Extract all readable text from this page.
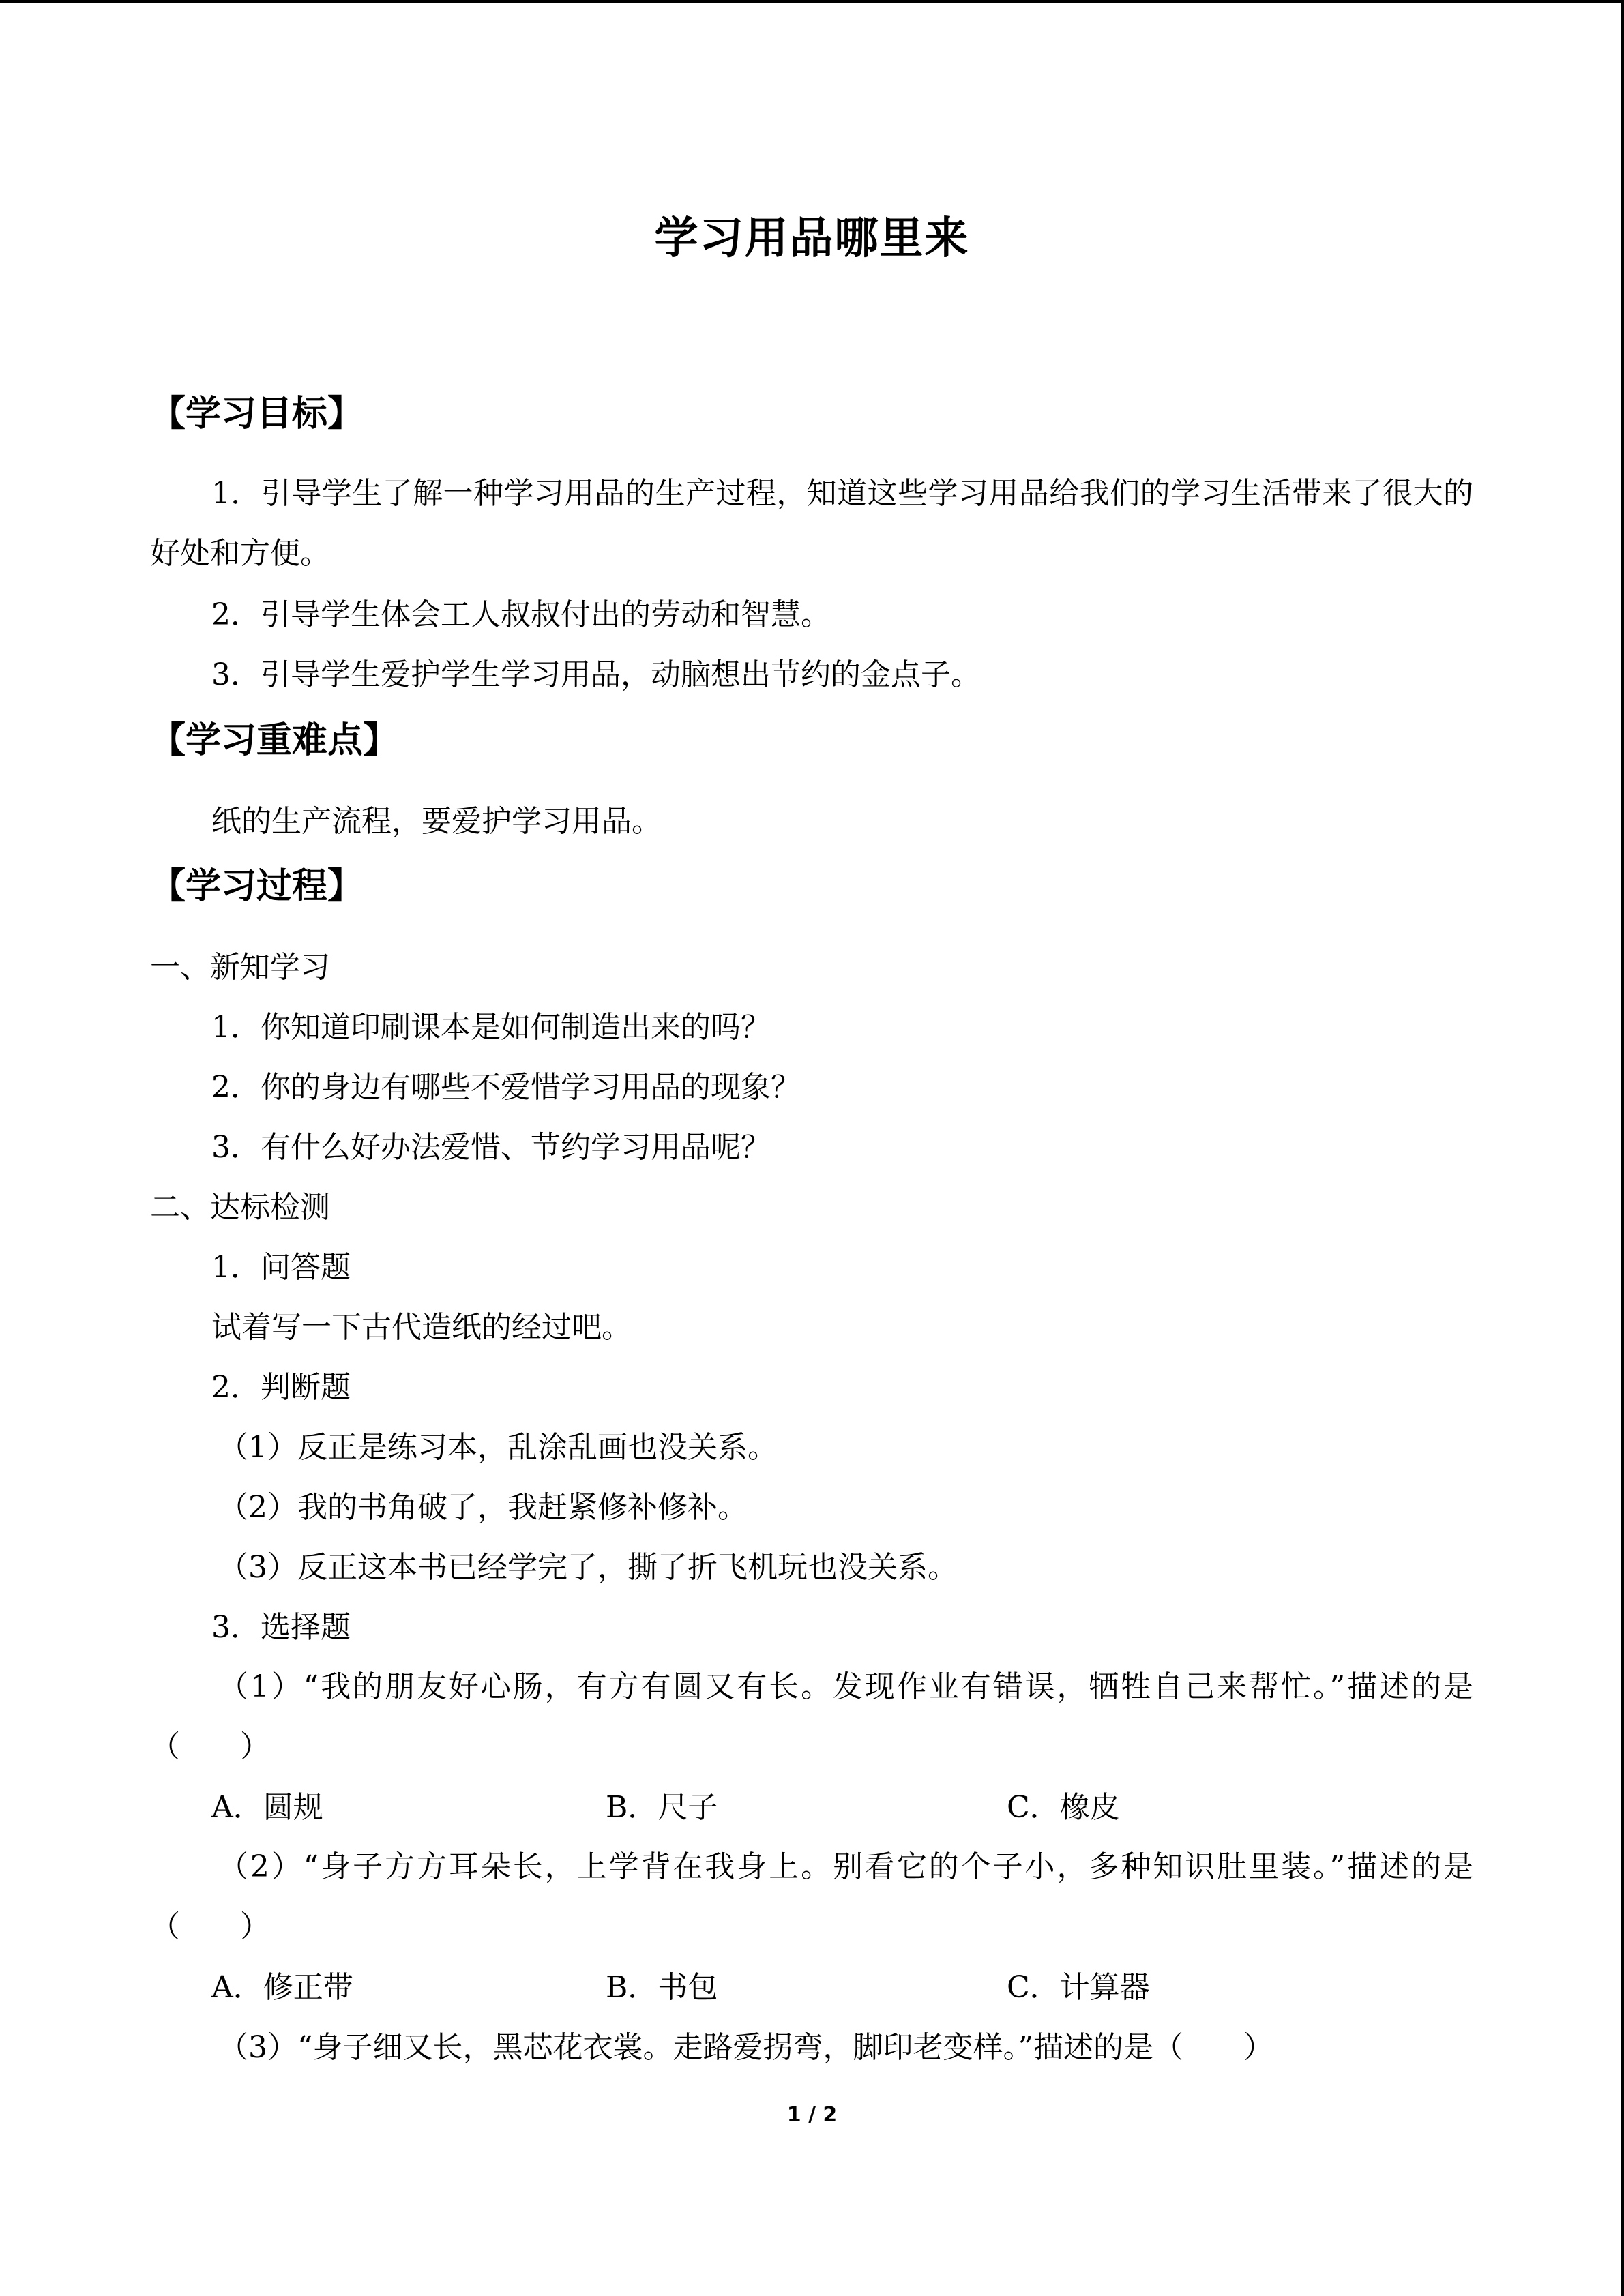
学习用品哪里来
【学习目标】
1．引导学生了解一种学习用品的生产过程，知道这些学习用品给我们的学习生活带来了很大的好处和方便。
2．引导学生体会工人叔叔付出的劳动和智慧。
3．引导学生爱护学生学习用品，动脑想出节约的金点子。
【学习重难点】
纸的生产流程，要爱护学习用品。
【学习过程】
一、新知学习
1．你知道印刷课本是如何制造出来的吗？
2．你的身边有哪些不爱惜学习用品的现象？
3．有什么好办法爱惜、节约学习用品呢？
二、达标检测
1．问答题
试着写一下古代造纸的经过吧。
2．判断题
（1）反正是练习本，乱涂乱画也没关系。
（2）我的书角破了，我赶紧修补修补。
（3）反正这本书已经学完了，撕了折飞机玩也没关系。
3．选择题
（1）“我的朋友好心肠，有方有圆又有长。发现作业有错误，牺牲自己来帮忙。”描述的是（　　）
A．圆规	B．尺子	C．橡皮
（2）“身子方方耳朵长，上学背在我身上。别看它的个子小，多种知识肚里装。”描述的是（　　）
A．修正带	B．书包	C．计算器
（3）“身子细又长，黑芯花衣裳。走路爱拐弯，脚印老变样。”描述的是（　　）
1 / 2
